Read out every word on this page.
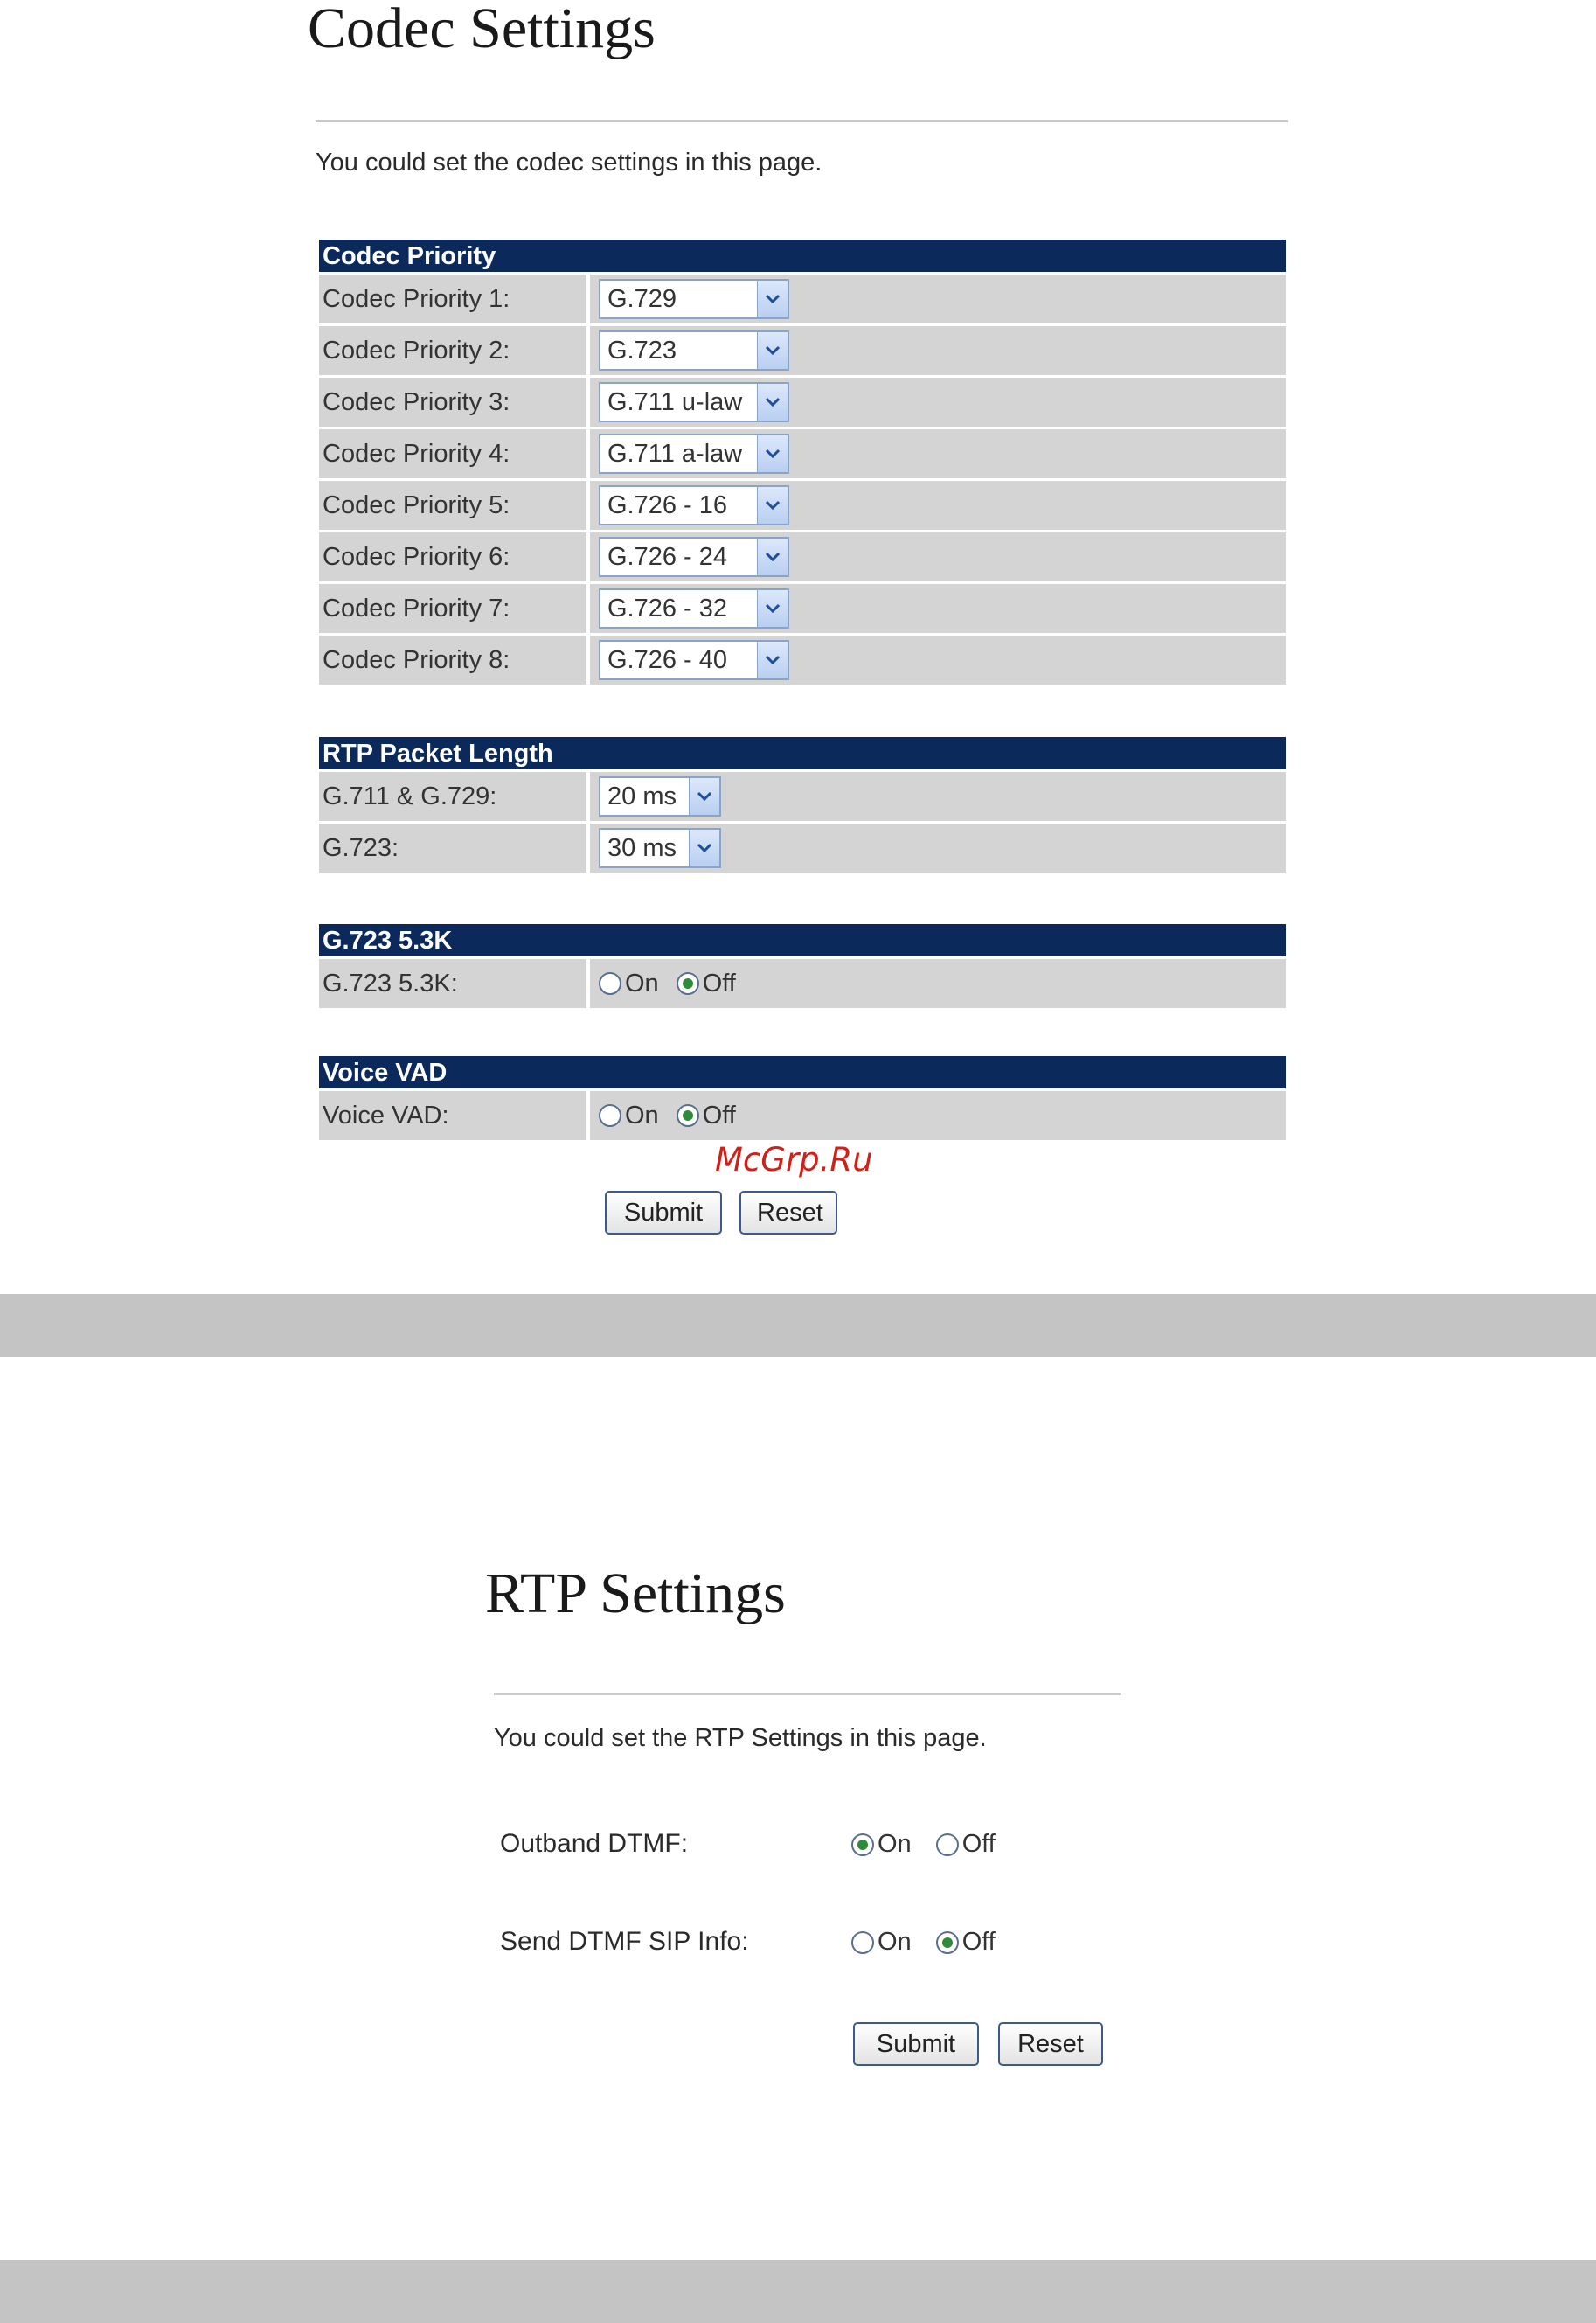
Codec Settings
You could set the codec settings in this page.
Codec Priority
Codec Priority 1:	G.729
Codec Priority 2:	G.723
Codec Priority 3:	G.711 u-law
Codec Priority 4:	G.711 a-law
Codec Priority 5:	G.726 - 16
Codec Priority 6:	G.726 - 24
Codec Priority 7:	G.726 - 32
Codec Priority 8:	G.726 - 40
RTP Packet Length
G.711 & G.729:	20 ms
G.723:	30 ms
G.723 5.3K
G.723 5.3K:	On Off
Voice VAD
Voice VAD:	On Off
McGrp.Ru
Submit	Reset
RTP Settings
You could set the RTP Settings in this page.
Outband DTMF:	On Off
Send DTMF SIP Info:	On Off
Submit	Reset
